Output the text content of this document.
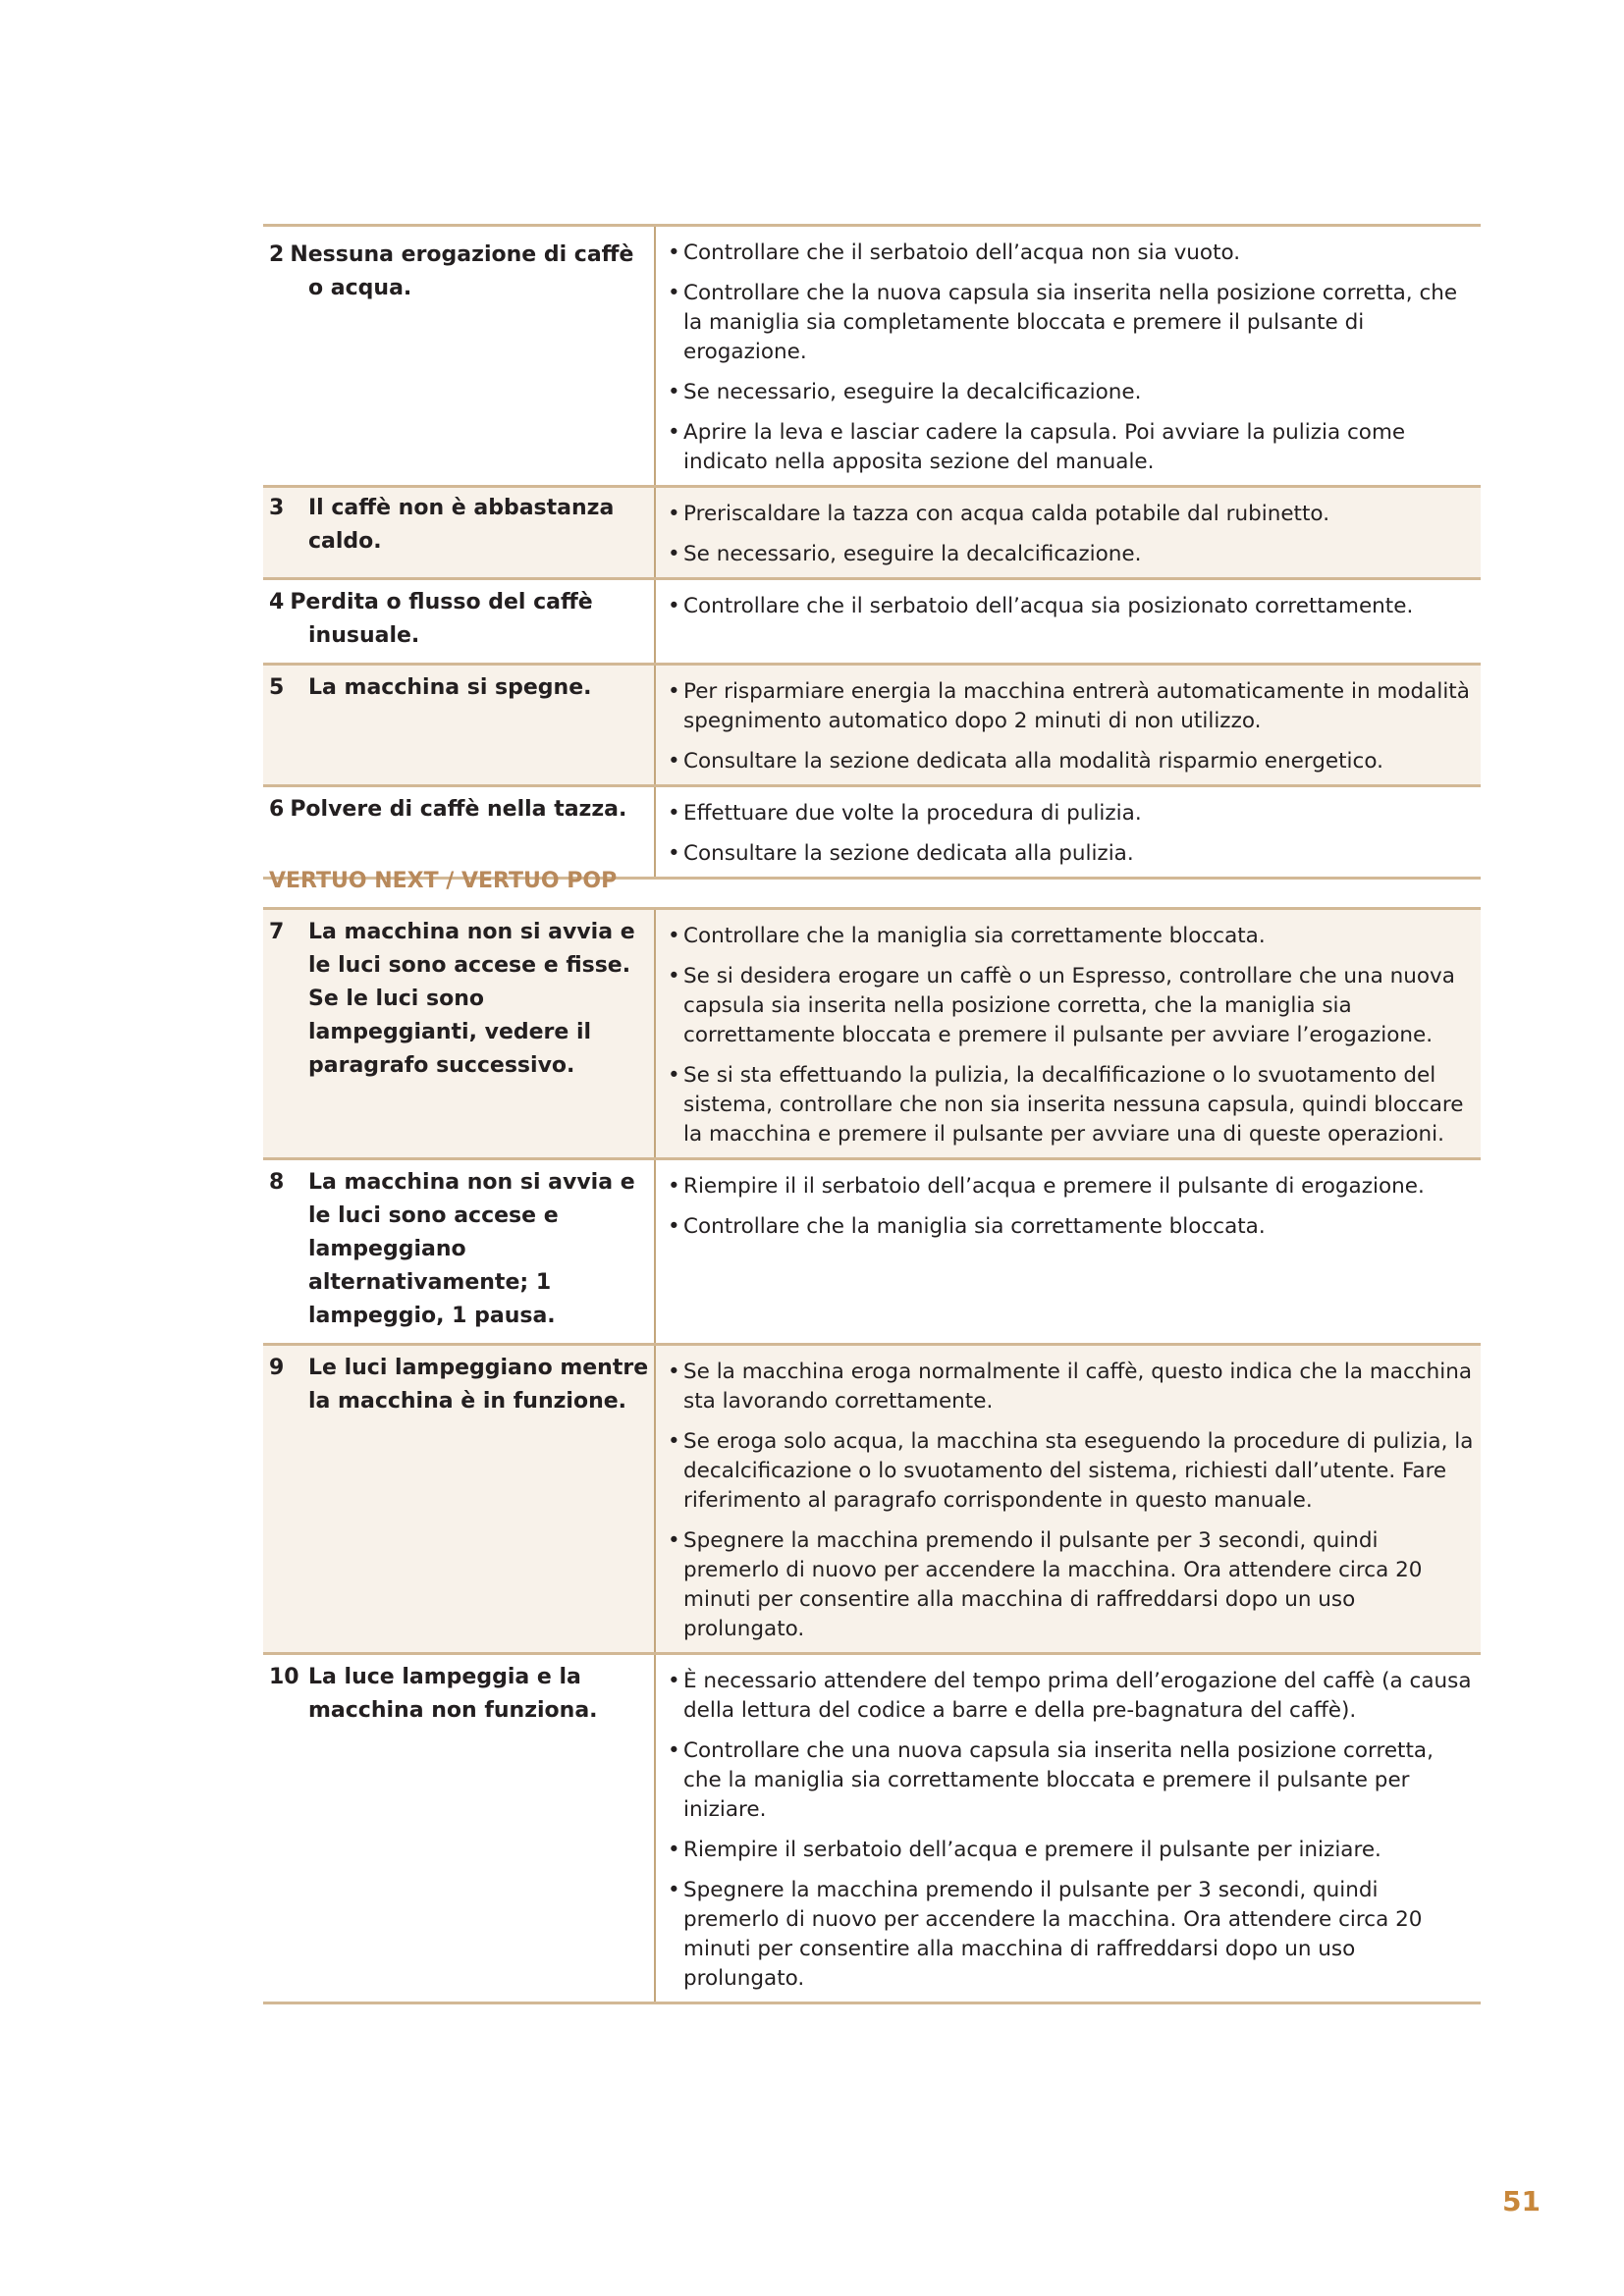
2 Nessuna erogazione di caffè o acqua.
• Controllare che il serbatoio dell’acqua non sia vuoto.
• Controllare che la nuova capsula sia inserita nella posizione corretta, che la maniglia sia completamente bloccata e premere il pulsante di erogazione.
• Se necessario, eseguire la decalcificazione.
• Aprire la leva e lasciar cadere la capsula. Poi avviare la pulizia come indicato nella apposita sezione del manuale.
3 Il caffè non è abbastanza caldo.
• Preriscaldare la tazza con acqua calda potabile dal rubinetto.
• Se necessario, eseguire la decalcificazione.
4 Perdita o flusso del caffè inusuale.
• Controllare che il serbatoio dell’acqua sia posizionato correttamente.
5 La macchina si spegne.	• Per risparmiare energia la macchina entrerà automaticamente in modalità spegnimento automatico dopo 2 minuti di non utilizzo.
• Consultare la sezione dedicata alla modalità risparmio energetico.
6 Polvere di caffè nella tazza.	• Effettuare due volte la procedura di pulizia.
• Consultare la sezione dedicata alla pulizia.
VERTUO NEXT / VERTUO POP
7 La macchina non si avvia e le luci sono accese e fisse. Se le luci sono lampeggianti, vedere il paragrafo successivo.
• Controllare che la maniglia sia correttamente bloccata.
• Se si desidera erogare un caffè o un Espresso, controllare che una nuova capsula sia inserita nella posizione corretta, che la maniglia sia correttamente bloccata e premere il pulsante per avviare l’erogazione.
• Se si sta effettuando la pulizia, la decalfificazione o lo svuotamento del sistema, controllare che non sia inserita nessuna capsula, quindi bloccare la macchina e premere il pulsante per avviare una di queste operazioni.
8 La macchina non si avvia e le luci sono accese e lampeggiano alternativamente; 1 lampeggio, 1 pausa.
• Riempire il il serbatoio dell’acqua e premere il pulsante di erogazione.
• Controllare che la maniglia sia correttamente bloccata.
9 Le luci lampeggiano mentre la macchina è in funzione.
• Se la macchina eroga normalmente il caffè, questo indica che la macchina sta lavorando correttamente.
• Se eroga solo acqua, la macchina sta eseguendo la procedure di pulizia, la decalcificazione o lo svuotamento del sistema, richiesti dall’utente. Fare riferimento al paragrafo corrispondente in questo manuale.
• Spegnere la macchina premendo il pulsante per 3 secondi, quindi premerlo di nuovo per accendere la macchina. Ora attendere circa 20 minuti per consentire alla macchina di raffreddarsi dopo un uso prolungato.
10 La luce lampeggia e la macchina non funziona.
• È necessario attendere del tempo prima dell’erogazione del caffè (a causa della lettura del codice a barre e della pre-bagnatura del caffè).
• Controllare che una nuova capsula sia inserita nella posizione corretta, che la maniglia sia correttamente bloccata e premere il pulsante per iniziare.
• Riempire il serbatoio dell’acqua e premere il pulsante per iniziare.
• Spegnere la macchina premendo il pulsante per 3 secondi, quindi premerlo di nuovo per accendere la macchina. Ora attendere circa 20 minuti per consentire alla macchina di raffreddarsi dopo un uso prolungato.
51
